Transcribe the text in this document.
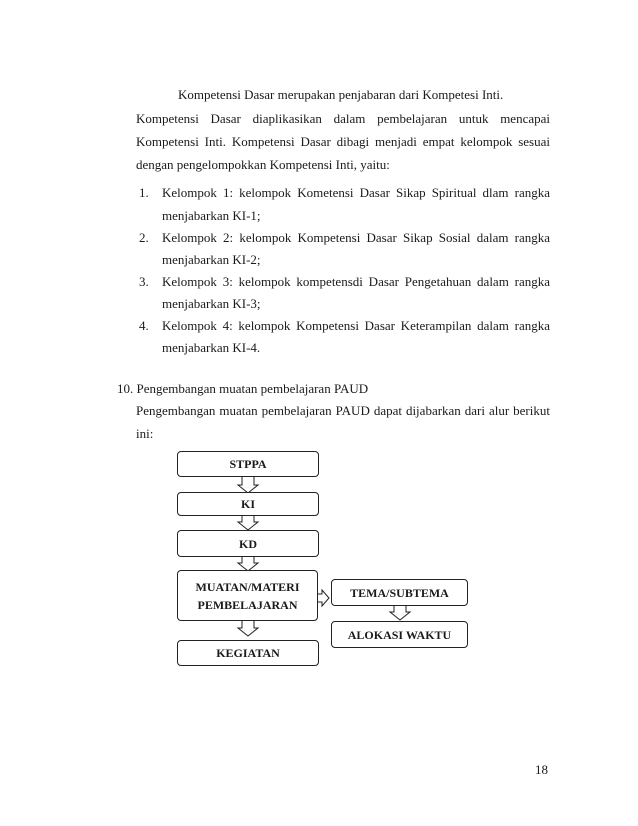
Kompetensi Dasar merupakan penjabaran dari Kompetesi Inti.
Kompetensi Dasar diaplikasikan dalam pembelajaran untuk mencapai
Kompetensi Inti. Kompetensi Dasar dibagi menjadi empat kelompok sesuai
dengan pengelompokkan Kompetensi Inti, yaitu:
1. Kelompok 1: kelompok Kometensi Dasar Sikap Spiritual dlam rangka
menjabarkan KI-1;
2. Kelompok 2: kelompok Kompetensi Dasar Sikap Sosial dalam rangka
menjabarkan KI-2;
3. Kelompok 3: kelompok kompetensdi Dasar Pengetahuan dalam rangka
menjabarkan KI-3;
4. Kelompok 4: kelompok Kompetensi Dasar Keterampilan dalam rangka
menjabarkan KI-4.
10. Pengembangan muatan pembelajaran PAUD
Pengembangan muatan pembelajaran PAUD dapat dijabarkan dari alur berikut
ini:
STPPA
KI
KD
MUATAN/MATERI
PEMBELAJARAN
KEGIATAN
TEMA/SUBTEMA
ALOKASI WAKTU
18
